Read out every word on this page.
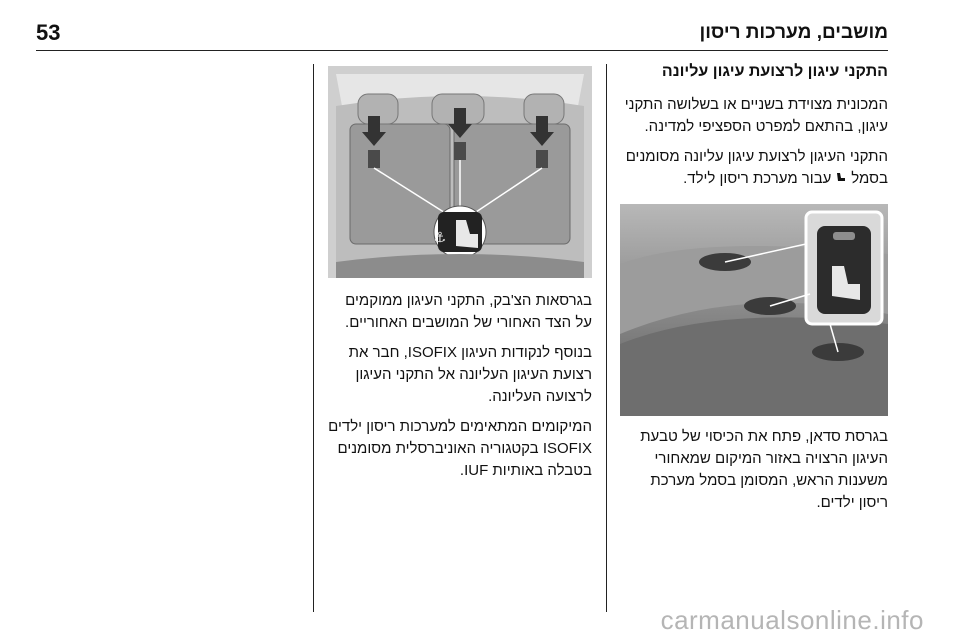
53	מושבים, מערכות ריסון
התקני עיגון לרצועת עיגון עליונה

המכונית מצוידת בשניים או בשלושה התקני עיגון, בהתאם למפרט הספציפי למדינה.

התקני העיגון לרצועת עיגון עליונה מסומנים בסמל  עבור מערכת ריסון לילד.

בגרסת סדאן, פתח את הכיסוי של טבעת העיגון הרצויה באזור המיקום שמאחורי משענות הראש, המסומן בסמל מערכת ריסון ילדים.

⚓

בגרסאות הצ'בק, התקני העיגון ממוקמים על הצד האחורי של המושבים האחוריים.

בנוסף לנקודות העיגון ISOFIX, חבר את רצועת העיגון העליונה אל התקני העיגון לרצועה העליונה.

המיקומים המתאימים למערכות ריסון ילדים ISOFIX בקטגוריה האוניברסלית מסומנים בטבלה באותיות IUF.

carmanualsonline.info
